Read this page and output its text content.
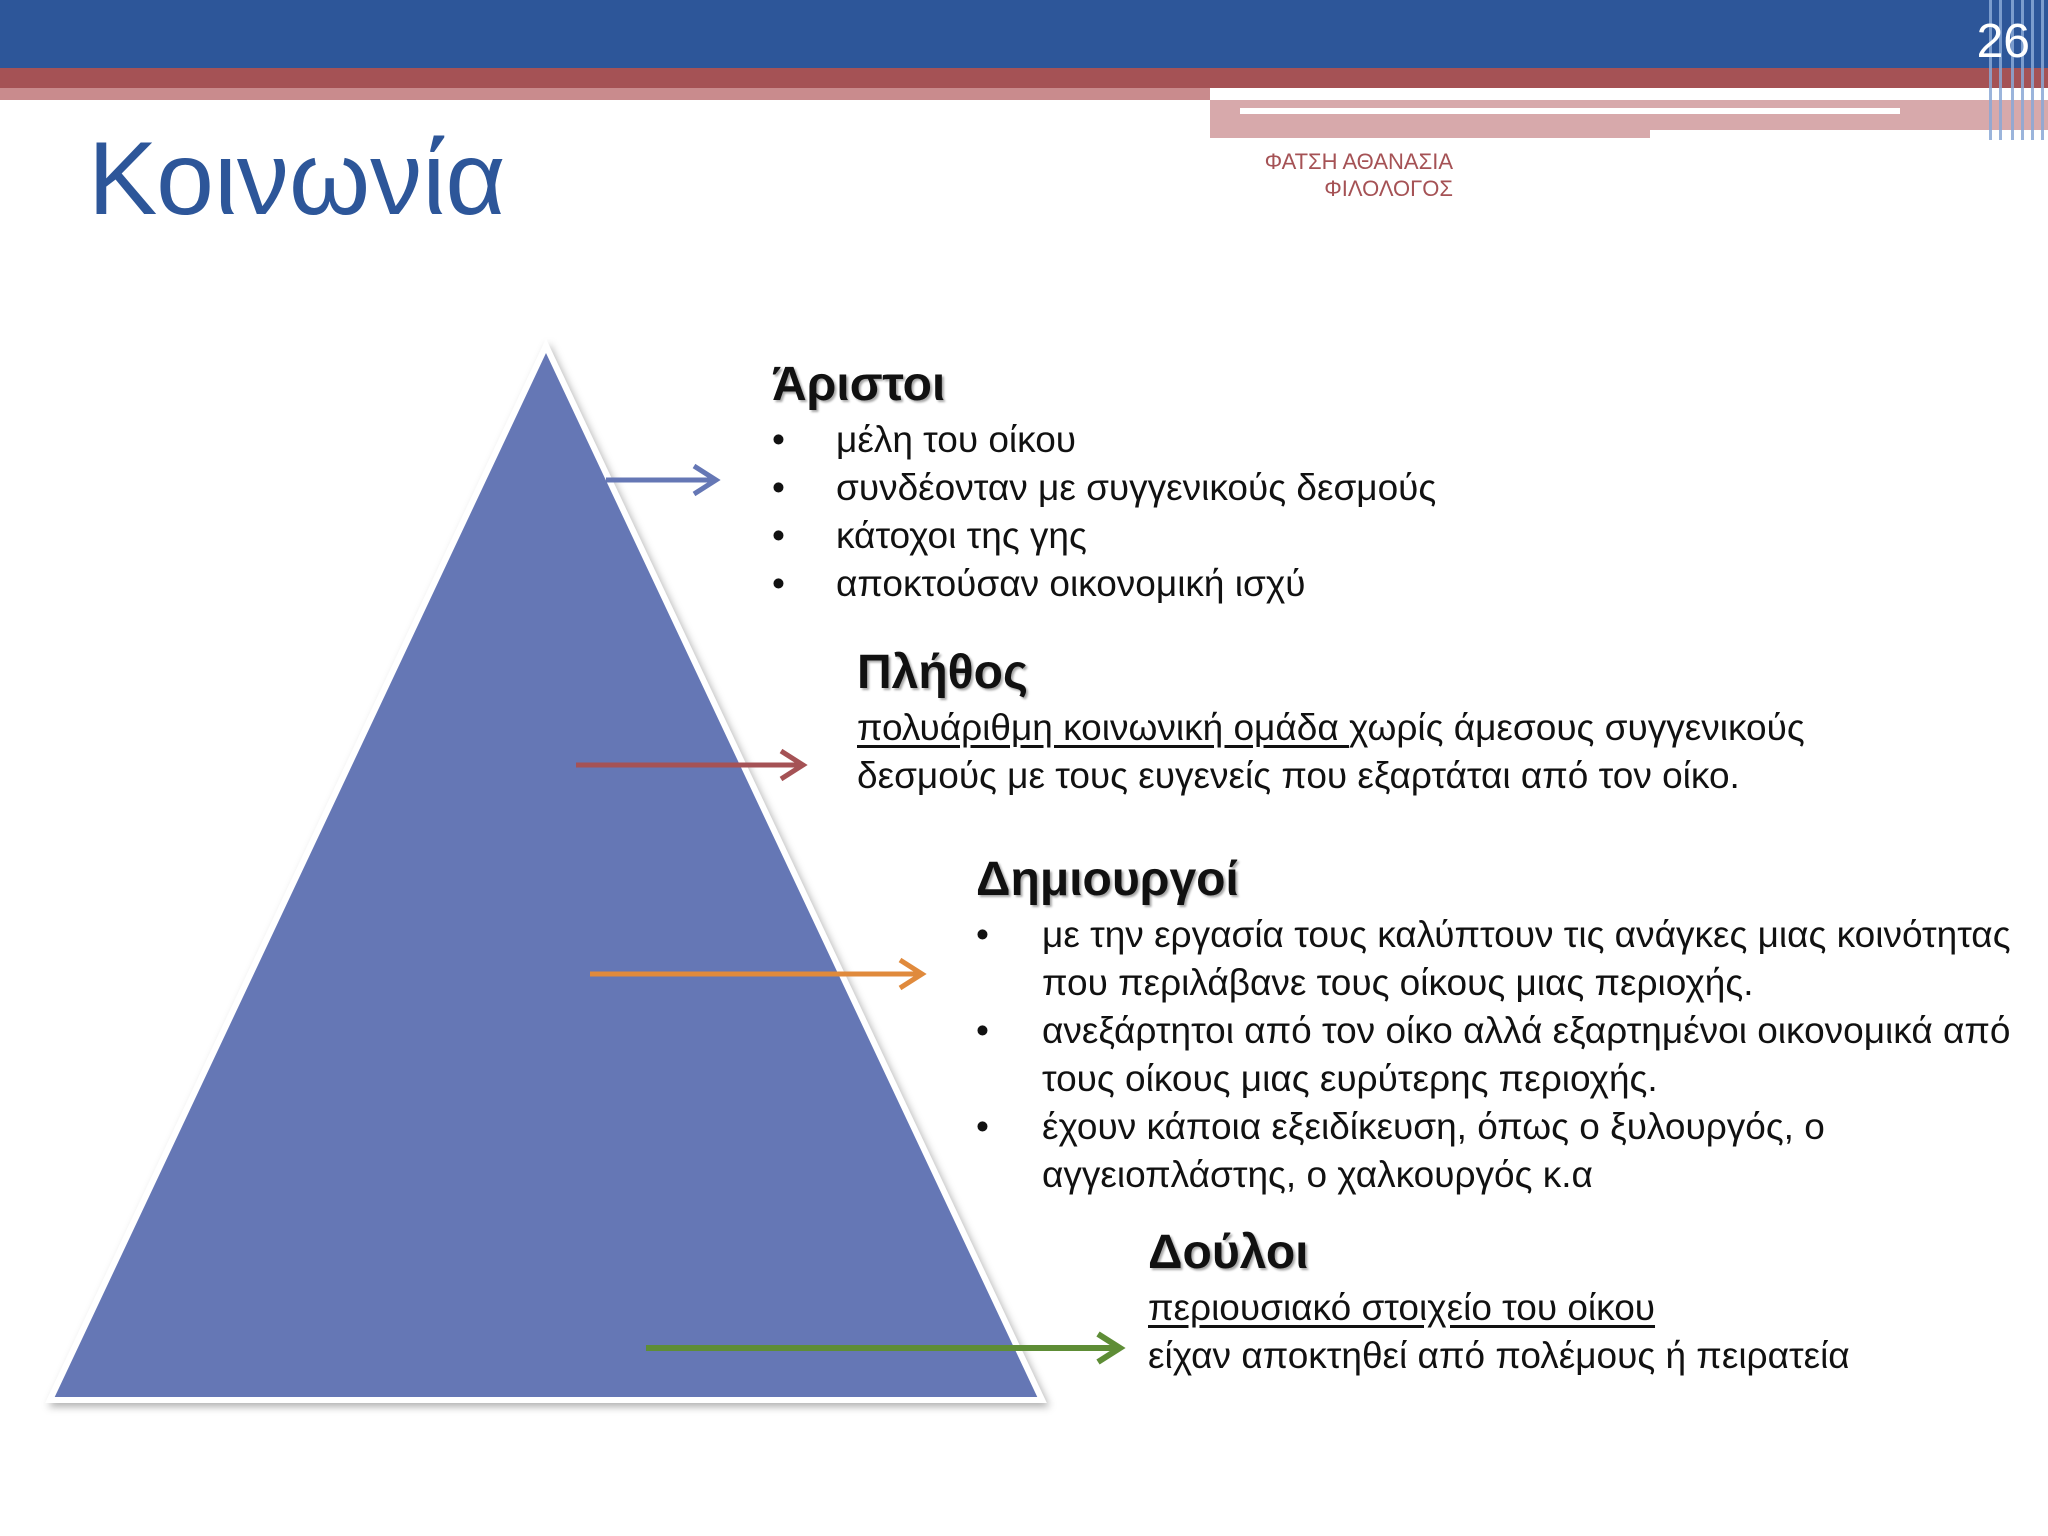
26
Κοινωνία	ΦΑΤΣΗ ΑΘΑΝΑΣΙΑ
ΦΙΛΟΛΟΓΟΣ
Άριστοι
• μέλη του οίκου
• συνδέονταν με συγγενικούς δεσμούς
• κάτοχοι της γης
• αποκτούσαν οικονομική ισχύ
Πλήθος
πολυάριθμη κοινωνική ομάδα χωρίς άμεσους συγγενικούς
δεσμούς με τους ευγενείς που εξαρτάται από τον οίκο.
Δημιουργοί
• με την εργασία τους καλύπτουν τις ανάγκες μιας κοινότητας που περιλάβανε τους οίκους μιας περιοχής.
• ανεξάρτητοι από τον οίκο αλλά εξαρτημένοι οικονομικά από τους οίκους μιας ευρύτερης περιοχής.
• έχουν κάποια εξειδίκευση, όπως ο ξυλουργός, ο αγγειοπλάστης, ο χαλκουργός κ.α
Δούλοι
περιουσιακό στοιχείο του οίκου
είχαν αποκτηθεί από πολέμους ή πειρατεία
